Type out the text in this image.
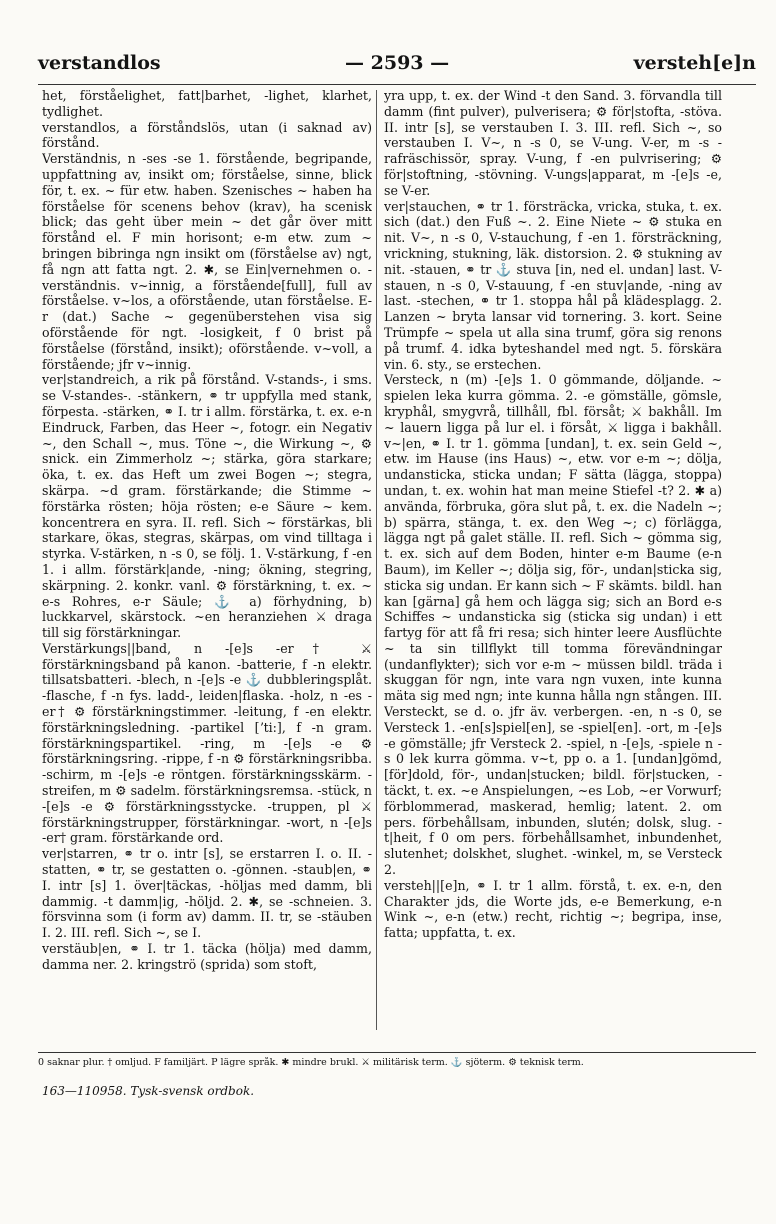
verstandlos	— 2593 —	versteh[e]n

het, förståelighet, fatt|barhet, -lighet, klarhet, tydlighet.

verstandlos, a förståndslös, utan (i saknad av) förstånd.

Verständnis, n -ses -se 1. förstående, begripande, uppfattning av, insikt om; förståelse, sinne, blick för, t. ex. ~ für etw. haben. Szenisches ~ haben ha förståelse för scenens behov (krav), ha scenisk blick; das geht über mein ~ det går över mitt förstånd el. F min horisont; e-m etw. zum ~ bringen bibringa ngn insikt om (förståelse av) ngt, få ngn att fatta ngt. 2. ✱, se Ein|vernehmen o. -verständnis. v~innig, a förstående[full], full av förståelse. v~los, a oförstående, utan förståelse. E-r (dat.) Sache ~ gegenüberstehen visa sig oförstående för ngt. -losigkeit, f 0 brist på förståelse (förstånd, insikt); oförstående. v~voll, a förstående; jfr v~innig.

ver|standreich, a rik på förstånd. V-stands-, i sms. se V-standes-. -stänkern, ⚭ tr uppfylla med stank, förpesta. -stärken, ⚭ I. tr i allm. förstärka, t. ex. e-n Eindruck, Farben, das Heer ~, fotogr. ein Negativ ~, den Schall ~, mus. Töne ~, die Wirkung ~, ⚙ snick. ein Zimmerholz ~; stärka, göra starkare; öka, t. ex. das Heft um zwei Bogen ~; stegra, skärpa. ~d gram. förstärkande; die Stimme ~ förstärka rösten; höja rösten; e-e Säure ~ kem. koncentrera en syra. II. refl. Sich ~ förstärkas, bli starkare, ökas, stegras, skärpas, om vind tilltaga i styrka. V-stärken, n -s 0, se följ. 1. V-stärkung, f -en 1. i allm. förstärk|ande, -ning; ökning, stegring, skärpning. 2. konkr. vanl. ⚙ förstärkning, t. ex. ~ e-s Rohres, e-r Säule; ⚓ a) förhydning, b) luckkarvel, skärstock. ~en heranziehen ⚔ draga till sig förstärkningar.

Verstärkungs||band, n -[e]s -er† ⚔ förstärkningsband på kanon. -batterie, f -n elektr. tillsatsbatteri. -blech, n -[e]s -e ⚓ dubbleringsplåt. -flasche, f -n fys. ladd-, leiden|flaska. -holz, n -es -er† ⚙ förstärkningstimmer. -leitung, f -en elektr. förstärkningsledning. -partikel [ʼti:], f -n gram. förstärkningspartikel. -ring, m -[e]s -e ⚙ förstärkningsring. -rippe, f -n ⚙ förstärkningsribba. -schirm, m -[e]s -e röntgen. förstärkningsskärm. -streifen, m ⚙ sadelm. förstärkningsremsa. -stück, n -[e]s -e ⚙ förstärkningsstycke. -truppen, pl ⚔ förstärkningstrupper, förstärkningar. -wort, n -[e]s -er† gram. förstärkande ord.

ver|starren, ⚭ tr o. intr [s], se erstarren I. o. II. -statten, ⚭ tr, se gestatten o. -gönnen. -staub|en, ⚭ I. intr [s] 1. över|täckas, -höljas med damm, bli dammig. -t damm|ig, -höljd. 2. ✱, se -schneien. 3. försvinna som (i form av) damm. II. tr, se -stäuben I. 2. III. refl. Sich ~, se I.

verstäub|en, ⚭ I. tr 1. täcka (hölja) med damm, damma ner. 2. kringströ (sprida) som stoft,

yra upp, t. ex. der Wind -t den Sand. 3. förvandla till damm (fint pulver), pulverisera; ⚙ för|stofta, -stöva. II. intr [s], se verstauben I. 3. III. refl. Sich ~, so verstauben I. V~, n -s 0, se V-ung. V-er, m -s - rafräschissör, spray. V-ung, f -en pulvrisering; ⚙ för|stoftning, -stövning. V-ungs|apparat, m -[e]s -e, se V-er.

ver|stauchen, ⚭ tr 1. försträcka, vricka, stuka, t. ex. sich (dat.) den Fuß ~. 2. Eine Niete ~ ⚙ stuka en nit. V~, n -s 0, V-stauchung, f -en 1. försträckning, vrickning, stukning, läk. distorsion. 2. ⚙ stukning av nit. -stauen, ⚭ tr ⚓ stuva [in, ned el. undan] last. V-stauen, n -s 0, V-stauung, f -en stuv|ande, -ning av last. -stechen, ⚭ tr 1. stoppa hål på klädesplagg. 2. Lanzen ~ bryta lansar vid tornering. 3. kort. Seine Trümpfe ~ spela ut alla sina trumf, göra sig renons på trumf. 4. idka byteshandel med ngt. 5. förskära vin. 6. sty., se erstechen.

Versteck, n (m) -[e]s 1. 0 gömmande, döljande. ~ spielen leka kurra gömma. 2. -e gömställe, gömsle, kryphål, smygvrå, tillhåll, fbl. försåt; ⚔ bakhåll. Im ~ lauern ligga på lur el. i försåt, ⚔ ligga i bakhåll. v~|en, ⚭ I. tr 1. gömma [undan], t. ex. sein Geld ~, etw. im Hause (ins Haus) ~, etw. vor e-m ~; dölja, undansticka, sticka undan; F sätta (lägga, stoppa) undan, t. ex. wohin hat man meine Stiefel -t? 2. ✱ a) använda, förbruka, göra slut på, t. ex. die Nadeln ~; b) spärra, stänga, t. ex. den Weg ~; c) förlägga, lägga ngt på galet ställe. II. refl. Sich ~ gömma sig, t. ex. sich auf dem Boden, hinter e-m Baume (e-n Baum), im Keller ~; dölja sig, för-, undan|sticka sig, sticka sig undan. Er kann sich ~ F skämts. bildl. han kan [gärna] gå hem och lägga sig; sich an Bord e-s Schiffes ~ undansticka sig (sticka sig undan) i ett fartyg för att få fri resa; sich hinter leere Ausflüchte ~ ta sin tillflykt till tomma förevändningar (undanflykter); sich vor e-m ~ müssen bildl. träda i skuggan för ngn, inte vara ngn vuxen, inte kunna mäta sig med ngn; inte kunna hålla ngn stången. III. Versteckt, se d. o. jfr äv. verbergen. -en, n -s 0, se Versteck 1. -en[s]spiel[en], se -spiel[en]. -ort, m -[e]s -e gömställe; jfr Versteck 2. -spiel, n -[e]s, -spiele n -s 0 lek kurra gömma. v~t, pp o. a 1. [undan]gömd, [för]dold, för-, undan|stucken; bildl. för|stucken, -täckt, t. ex. ~e Anspielungen, ~es Lob, ~er Vorwurf; förblommerad, maskerad, hemlig; latent. 2. om pers. förbehållsam, inbunden, slutén; dolsk, slug. -t|heit, f 0 om pers. förbehållsamhet, inbundenhet, slutenhet; dolskhet, slughet. -winkel, m, se Versteck 2.

versteh||[e]n, ⚭ I. tr 1 allm. förstå, t. ex. e-n, den Charakter jds, die Worte jds, e-e Bemerkung, e-n Wink ~, e-n (etw.) recht, richtig ~; begripa, inse, fatta; uppfatta, t. ex.

0 saknar plur. † omljud. F familjärt. P lägre språk. ✱ mindre brukl. ⚔ militärisk term. ⚓ sjöterm. ⚙ teknisk term.
163—110958. Tysk-svensk ordbok.
